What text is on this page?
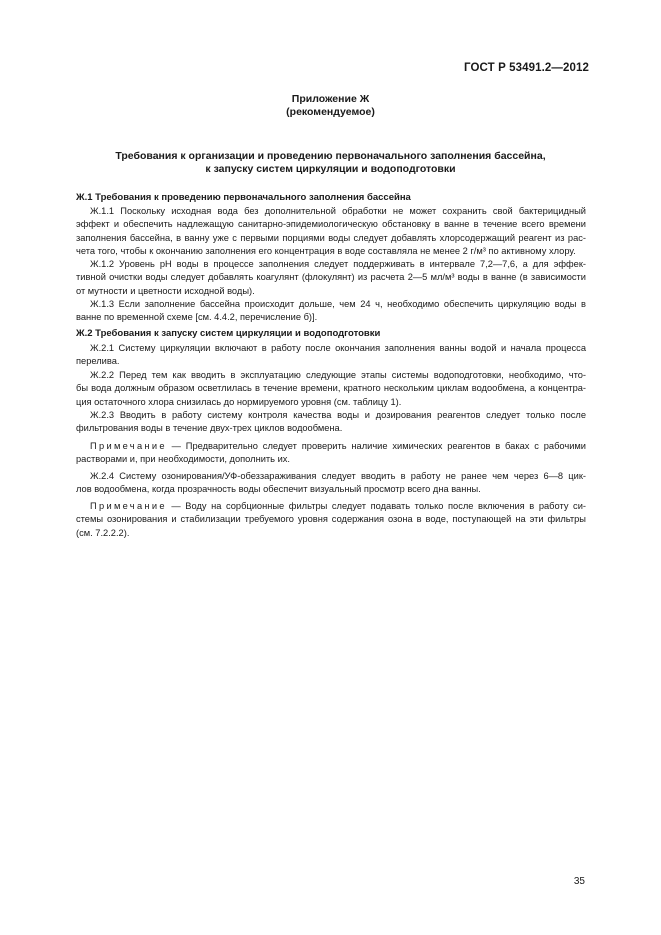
ГОСТ Р 53491.2—2012
Приложение Ж
(рекомендуемое)
Требования к организации и проведению первоначального заполнения бассейна,
к запуску систем циркуляции и водоподготовки
Ж.1 Требования к проведению первоначального заполнения бассейна
Ж.1.1 Поскольку исходная вода без дополнительной обработки не может сохранить свой бактерицидный
эффект и обеспечить надлежащую санитарно-эпидемиологическую обстановку в ванне в течение всего времени
заполнения бассейна, в ванну уже с первыми порциями воды следует добавлять хлорсодержащий реагент из рас-
чета того, чтобы к окончанию заполнения его концентрация в воде составляла не менее 2 г/м³ по активному хлору.
Ж.1.2 Уровень pH воды в процессе заполнения следует поддерживать в интервале 7,2—7,6, а для эффек-
тивной очистки воды следует добавлять коагулянт (флокулянт) из расчета 2—5 мл/м³ воды в ванне (в зависимости
от мутности и цветности исходной воды).
Ж.1.3 Если заполнение бассейна происходит дольше, чем 24 ч, необходимо обеспечить циркуляцию воды в
ванне по временной схеме [см. 4.4.2, перечисление б)].
Ж.2 Требования к запуску систем циркуляции и водоподготовки
Ж.2.1 Систему циркуляции включают в работу после окончания заполнения ванны водой и начала процесса
перелива.
Ж.2.2 Перед тем как вводить в эксплуатацию следующие этапы системы водоподготовки, необходимо, что-
бы вода должным образом осветлилась в течение времени, кратного нескольким циклам водообмена, а концентра-
ция остаточного хлора снизилась до нормируемого уровня (см. таблицу 1).
Ж.2.3 Вводить в работу систему контроля качества воды и дозирования реагентов следует только после
фильтрования воды в течение двух-трех циклов водообмена.
Примечание — Предварительно следует проверить наличие химических реагентов в баках с рабочими
растворами и, при необходимости, дополнить их.
Ж.2.4 Систему озонирования/УФ-обеззараживания следует вводить в работу не ранее чем через 6—8 цик-
лов водообмена, когда прозрачность воды обеспечит визуальный просмотр всего дна ванны.
Примечание — Воду на сорбционные фильтры следует подавать только после включения в работу си-
стемы озонирования и стабилизации требуемого уровня содержания озона в воде, поступающей на эти фильтры
(см. 7.2.2.2).
35
